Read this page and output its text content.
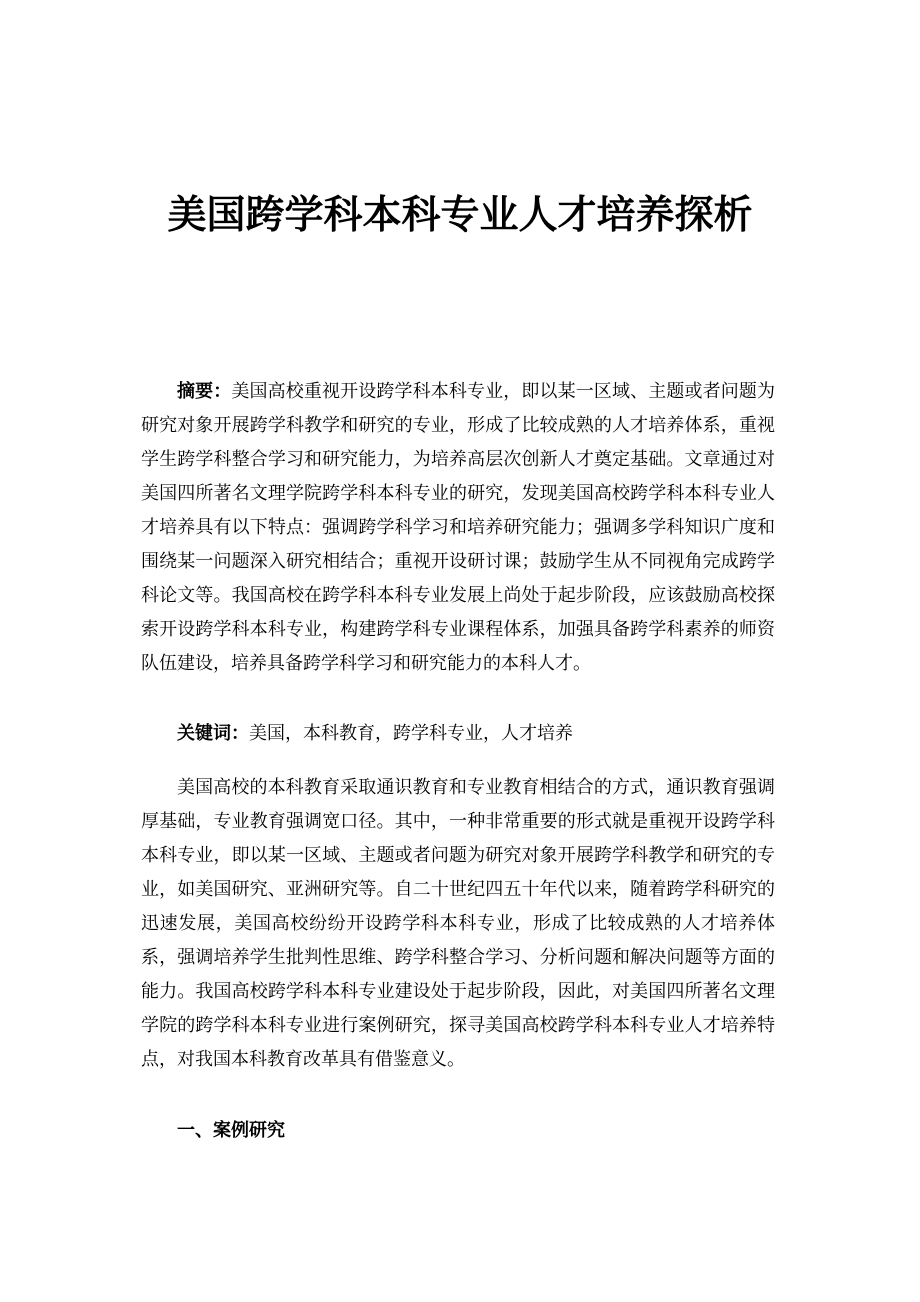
美国跨学科本科专业人才培养探析

摘要：美国高校重视开设跨学科本科专业，即以某一区域、主题或者问题为研究对象开展跨学科教学和研究的专业，形成了比较成熟的人才培养体系，重视学生跨学科整合学习和研究能力，为培养高层次创新人才奠定基础。文章通过对美国四所著名文理学院跨学科本科专业的研究，发现美国高校跨学科本科专业人才培养具有以下特点：强调跨学科学习和培养研究能力；强调多学科知识广度和围绕某一问题深入研究相结合；重视开设研讨课；鼓励学生从不同视角完成跨学科论文等。我国高校在跨学科本科专业发展上尚处于起步阶段，应该鼓励高校探索开设跨学科本科专业，构建跨学科专业课程体系，加强具备跨学科素养的师资队伍建设，培养具备跨学科学习和研究能力的本科人才。

关键词：美国，本科教育，跨学科专业，人才培养

美国高校的本科教育采取通识教育和专业教育相结合的方式，通识教育强调厚基础，专业教育强调宽口径。其中，一种非常重要的形式就是重视开设跨学科本科专业，即以某一区域、主题或者问题为研究对象开展跨学科教学和研究的专业，如美国研究、亚洲研究等。自二十世纪四五十年代以来，随着跨学科研究的迅速发展，美国高校纷纷开设跨学科本科专业，形成了比较成熟的人才培养体系，强调培养学生批判性思维、跨学科整合学习、分析问题和解决问题等方面的能力。我国高校跨学科本科专业建设处于起步阶段，因此，对美国四所著名文理学院的跨学科本科专业进行案例研究，探寻美国高校跨学科本科专业人才培养特点，对我国本科教育改革具有借鉴意义。

一、案例研究
